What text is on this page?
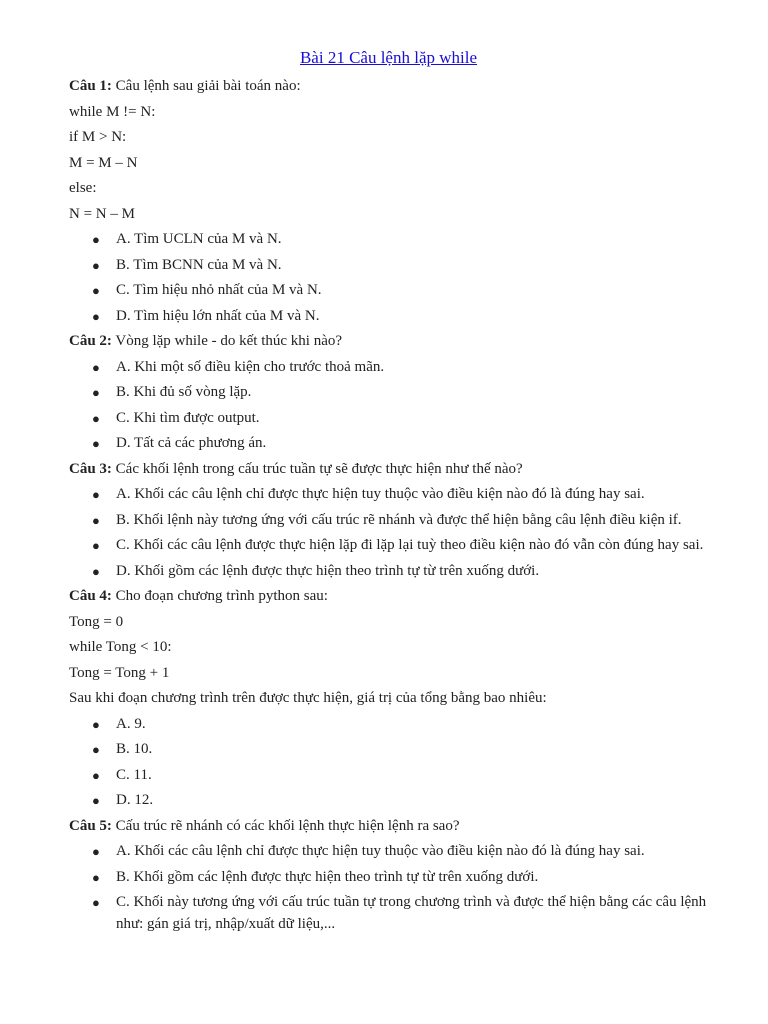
Bài 21 Câu lệnh lặp while

Câu 1: Câu lệnh sau giải bài toán nào:

while M != N:

if M > N:

M = M – N

else:

N = N – M

● A. Tìm UCLN của M và N.
● B. Tìm BCNN của M và N.
● C. Tìm hiệu nhỏ nhất của M và N.
● D. Tìm hiệu lớn nhất của M và N.

Câu 2: Vòng lặp while - do kết thúc khi nào?

● A. Khi một số điều kiện cho trước thoả mãn.
● B. Khi đủ số vòng lặp.
● C. Khi tìm được output.
● D. Tất cả các phương án.

Câu 3: Các khối lệnh trong cấu trúc tuần tự sẽ được thực hiện như thế nào?

● A. Khối các câu lệnh chỉ được thực hiện tuy thuộc vào điều kiện nào đó là đúng hay sai.
● B. Khối lệnh này tương ứng với cấu trúc rẽ nhánh và được thể hiện bằng câu lệnh điều kiện if.
● C. Khối các câu lệnh được thực hiện lặp đi lặp lại tuỳ theo điều kiện nào đó vẫn còn đúng hay sai.
● D. Khối gồm các lệnh được thực hiện theo trình tự từ trên xuống dưới.

Câu 4: Cho đoạn chương trình python sau:

Tong = 0

while Tong < 10:

Tong = Tong + 1

Sau khi đoạn chương trình trên được thực hiện, giá trị của tổng bằng bao nhiêu:

● A. 9.
● B. 10.
● C. 11.
● D. 12.

Câu 5: Cấu trúc rẽ nhánh có các khối lệnh thực hiện lệnh ra sao?

● A. Khối các câu lệnh chỉ được thực hiện tuy thuộc vào điều kiện nào đó là đúng hay sai.
● B. Khối gồm các lệnh được thực hiện theo trình tự từ trên xuống dưới.
● C. Khối này tương ứng với cấu trúc tuần tự trong chương trình và được thể hiện bằng các câu lệnh như: gán giá trị, nhập/xuất dữ liệu,...
